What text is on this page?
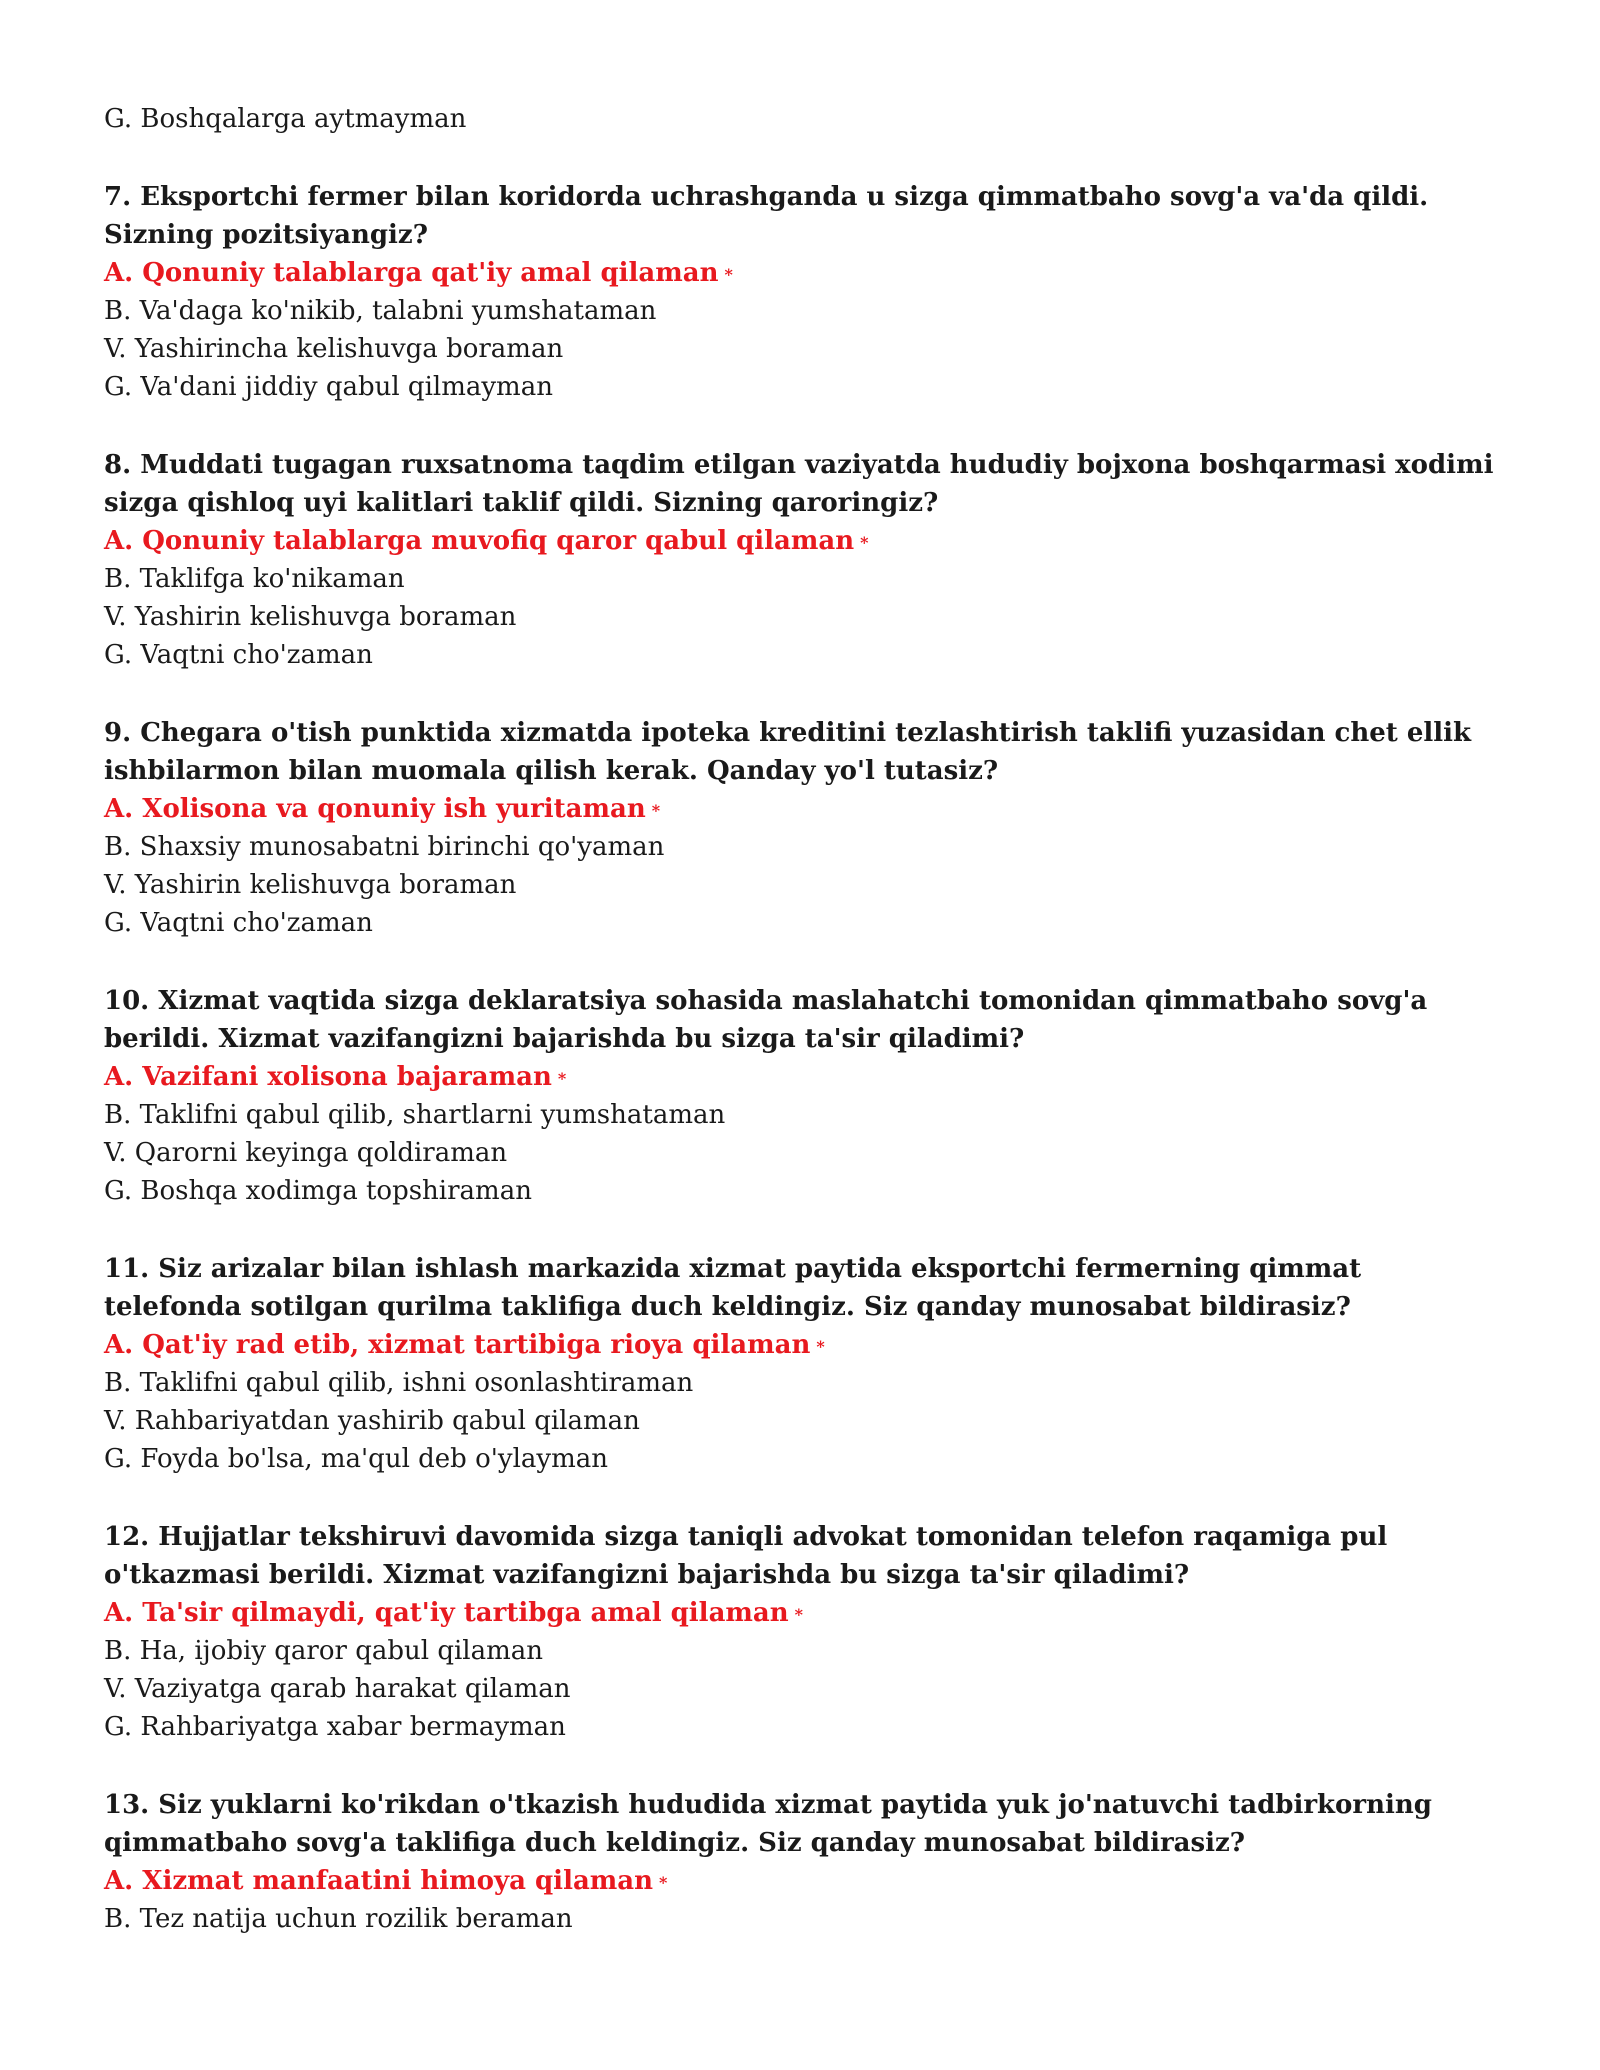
G. Boshqalarga aytmayman
7. Eksportchi fermer bilan koridorda uchrashganda u sizga qimmatbaho sovg'a va'da qildi. Sizning pozitsiyangiz?
A. Qonuniy talablarga qat'iy amal qilaman *
B. Va'daga ko'nikib, talabni yumshataman
V. Yashirincha kelishuvga boraman
G. Va'dani jiddiy qabul qilmayman
8. Muddati tugagan ruxsatnoma taqdim etilgan vaziyatda hududiy bojxona boshqarmasi xodimi sizga qishloq uyi kalitlari taklif qildi. Sizning qaroringiz?
A. Qonuniy talablarga muvofiq qaror qabul qilaman *
B. Taklifga ko'nikaman
V. Yashirin kelishuvga boraman
G. Vaqtni cho'zaman
9. Chegara o'tish punktida xizmatda ipoteka kreditini tezlashtirish taklifi yuzasidan chet ellik ishbilarmon bilan muomala qilish kerak. Qanday yo'l tutasiz?
A. Xolisona va qonuniy ish yuritaman *
B. Shaxsiy munosabatni birinchi qo'yaman
V. Yashirin kelishuvga boraman
G. Vaqtni cho'zaman
10. Xizmat vaqtida sizga deklaratsiya sohasida maslahatchi tomonidan qimmatbaho sovg'a berildi. Xizmat vazifangizni bajarishda bu sizga ta'sir qiladimi?
A. Vazifani xolisona bajaraman *
B. Taklifni qabul qilib, shartlarni yumshataman
V. Qarorni keyinga qoldiraman
G. Boshqa xodimga topshiraman
11. Siz arizalar bilan ishlash markazida xizmat paytida eksportchi fermerning qimmat telefonda sotilgan qurilma taklifiga duch keldingiz. Siz qanday munosabat bildirasiz?
A. Qat'iy rad etib, xizmat tartibiga rioya qilaman *
B. Taklifni qabul qilib, ishni osonlashtiraman
V. Rahbariyatdan yashirib qabul qilaman
G. Foyda bo'lsa, ma'qul deb o'ylayman
12. Hujjatlar tekshiruvi davomida sizga taniqli advokat tomonidan telefon raqamiga pul o'tkazmasi berildi. Xizmat vazifangizni bajarishda bu sizga ta'sir qiladimi?
A. Ta'sir qilmaydi, qat'iy tartibga amal qilaman *
B. Ha, ijobiy qaror qabul qilaman
V. Vaziyatga qarab harakat qilaman
G. Rahbariyatga xabar bermayman
13. Siz yuklarni ko'rikdan o'tkazish hududida xizmat paytida yuk jo'natuvchi tadbirkorning qimmatbaho sovg'a taklifiga duch keldingiz. Siz qanday munosabat bildirasiz?
A. Xizmat manfaatini himoya qilaman *
B. Tez natija uchun rozilik beraman
